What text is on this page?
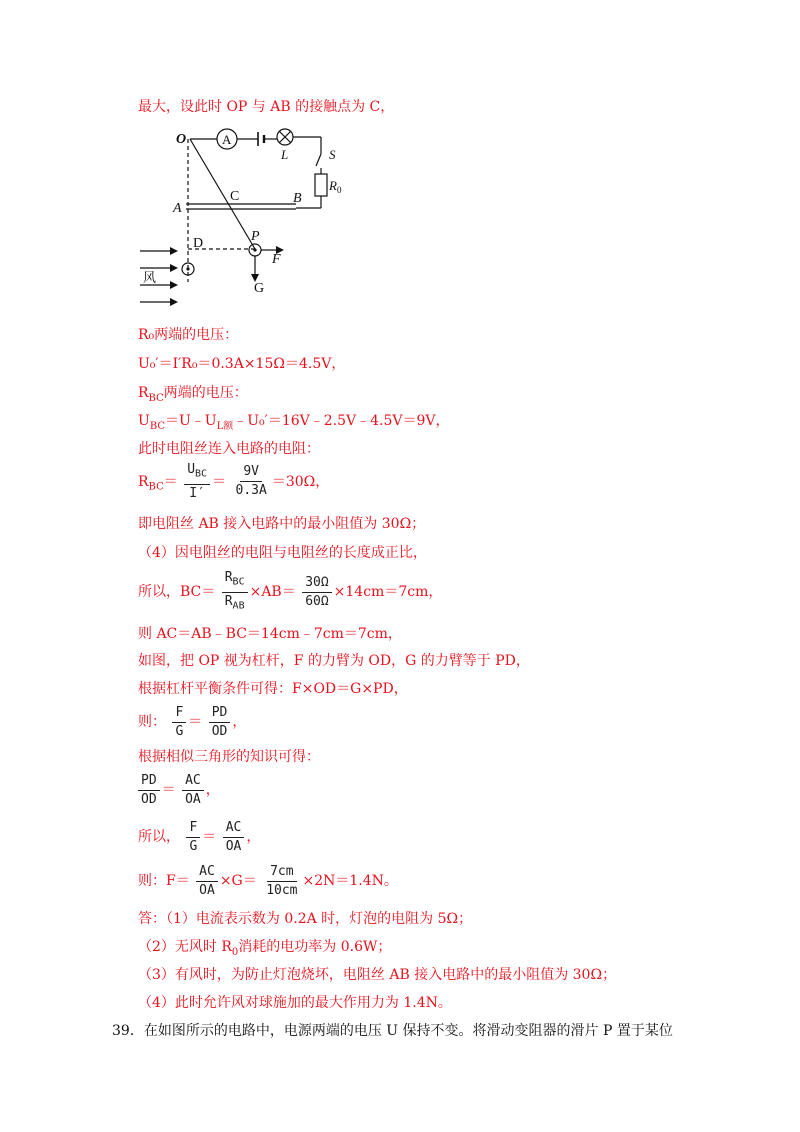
最大，设此时 OP 与 AB 的接触点为 C，
O	A
L	S
R 0
A
C	B
D	P
F
G
风
R₀两端的电压：
U₀′＝I′R₀＝0.3A×15Ω＝4.5V，
$R_{BC}$两端的电压：
$U_{BC}=U﹣U_{L额}﹣U_0'=16V﹣2.5V﹣4.5V=9V$，
此时电阻丝连入电路的电阻：
$R_{BC}= \frac{U_{BC}}{I'} = \frac{9V}{0.3A} =30\Omega$，
即电阻丝 AB 接入电路中的最小阻值为 30Ω；
（4）因电阻丝的电阻与电阻丝的长度成正比，
所以，$BC= \frac{R_{BC}}{R_{AB}} \times AB= \frac{30\Omega}{60\Omega} \times 14cm=7cm$，
则 AC＝AB﹣BC＝14cm﹣7cm＝7cm，
如图，把 OP 视为杠杆，F 的力臂为 OD，G 的力臂等于 PD，
根据杠杆平衡条件可得：F×OD＝G×PD，
则： $\frac{F}{G} = \frac{PD}{OD}$ ，
根据相似三角形的知识可得：
$\frac{PD}{OD} = \frac{AC}{OA}$ ，
所以， $\frac{F}{G} = \frac{AC}{OA}$ ，
则：$F= \frac{AC}{OA} \times G= \frac{7cm}{10cm} \times 2N=1.4N$。
答：（1）电流表示数为 0.2A 时，灯泡的电阻为 5Ω；
（2）无风时 $R_0$消耗的电功率为 0.6W；
（3）有风时，为防止灯泡烧坏，电阻丝 AB 接入电路中的最小阻值为 30Ω；
（4）此时允许风对球施加的最大作用力为 1.4N。
39．在如图所示的电路中，电源两端的电压 U 保持不变。将滑动变阻器的滑片 P 置于某位
